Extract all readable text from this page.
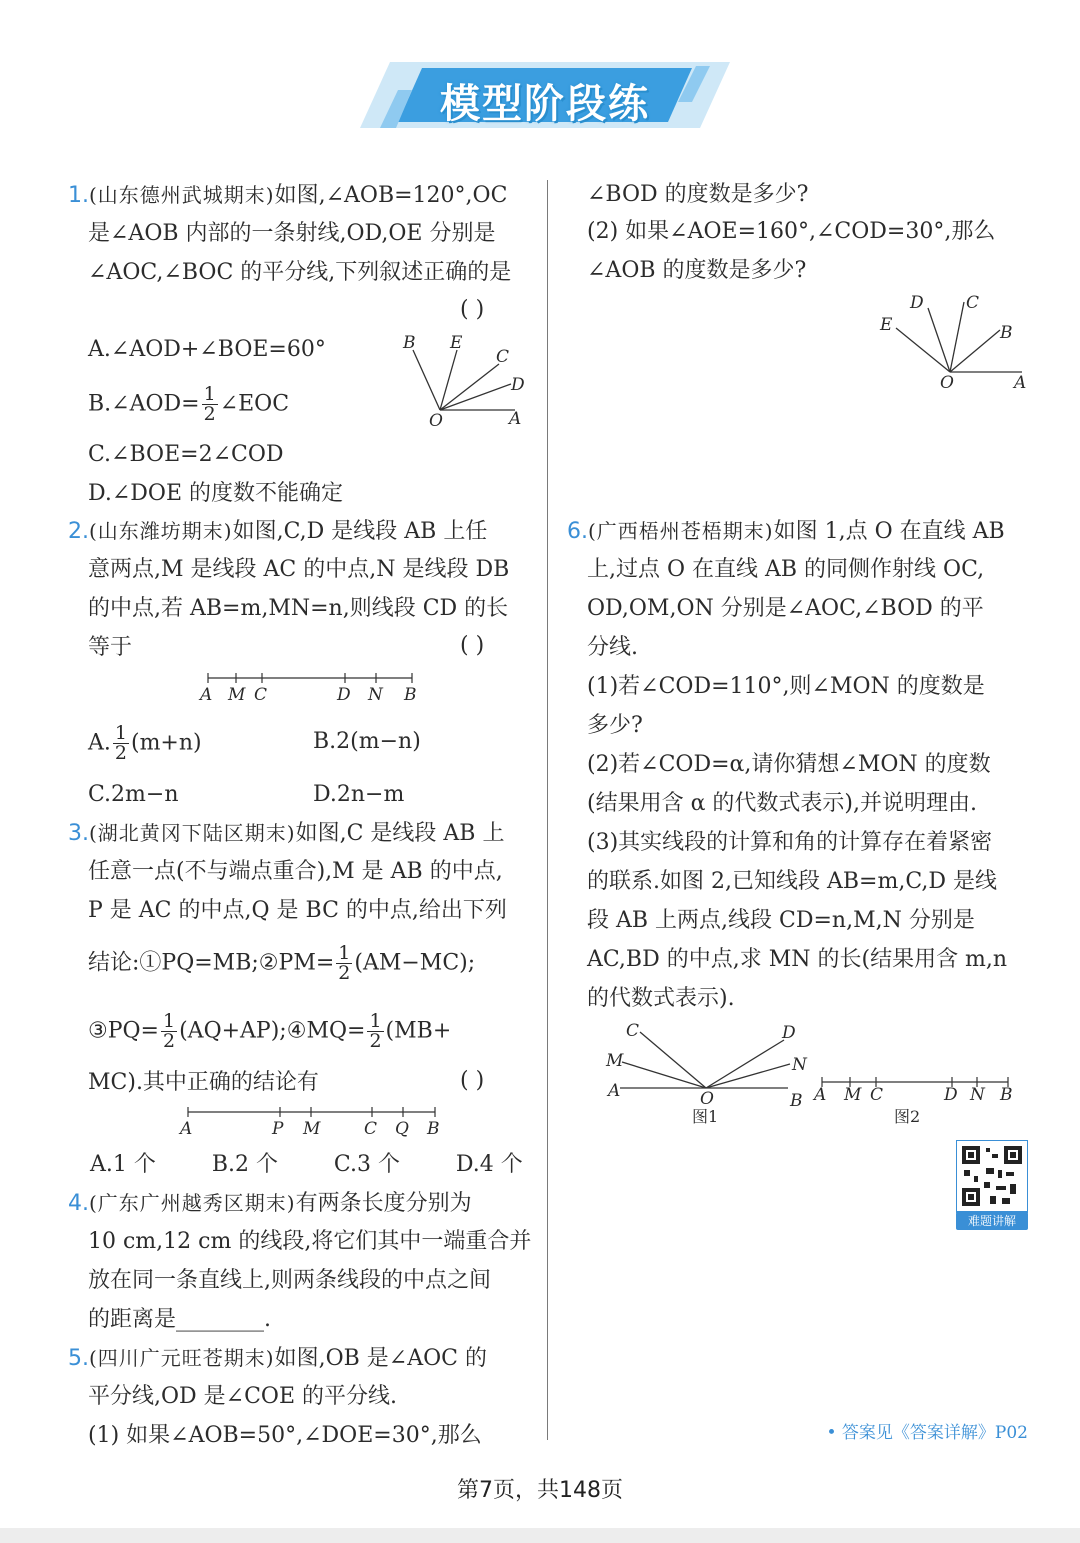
模型阶段练
1.(山东德州武城期末)如图,∠AOB=120°,OC
是∠AOB 内部的一条射线,OD,OE 分别是
∠AOC,∠BOC 的平分线,下列叙述正确的是
( )
A.∠AOD+∠BOE=60°
B.∠AOD= $\frac{1}{2}$ ∠EOC
C.∠BOE=2∠COD
D.∠DOE 的度数不能确定
B E
C
D
O	A
2.(山东潍坊期末)如图,C,D 是线段 AB 上任
意两点,M 是线段 AC 的中点,N 是线段 DB
的中点,若 AB=m,MN=n,则线段 CD 的长
等于	( )
A M C	D N B
A. $\frac{1}{2} (m+n)$	B.2(m−n)
C.2m−n	D.2n−m
3.(湖北黄冈下陆区期末)如图,C 是线段 AB 上
任意一点(不与端点重合),M 是 AB 的中点,
P 是 AC 的中点,Q 是 BC 的中点,给出下列
结论:①PQ=MB;②PM= $\frac{1}{2} (AM-MC)$;
③PQ= $\frac{1}{2}$ (AQ+AP);④MQ= $\frac{1}{2} (MB+$
MC).其中正确的结论有	( )
A	P M	C Q B
A.1 个        B.2 个        C.3 个        D.4 个
4.(广东广州越秀区期末)有两条长度分别为
10 cm,12 cm 的线段,将它们其中一端重合并
放在同一条直线上,则两条线段的中点之间
的距离是________.
5.(四川广元旺苍期末)如图,OB 是∠AOC 的
平分线,OD 是∠COE 的平分线.
(1) 如果∠AOB=50°,∠DOE=30°,那么
∠BOD 的度数是多少?
(2) 如果∠AOE=160°,∠COD=30°,那么
∠AOB 的度数是多少?
D C
E	B
O	A
6.(广西梧州苍梧期末)如图 1,点 O 在直线 AB
上,过点 O 在直线 AB 的同侧作射线 OC,
OD,OM,ON 分别是∠AOC,∠BOD 的平
分线.
(1)若∠COD=110°,则∠MON 的度数是
多少?
(2)若∠COD=α,请你猜想∠MON 的度数
(结果用含 α 的代数式表示),并说明理由.
(3)其实线段的计算和角的计算存在着紧密
的联系.如图 2,已知线段 AB=m,C,D 是线
段 AB 上两点,线段 CD=n,M,N 分别是
AC,BD 的中点,求 MN 的长(结果用含 m,n
的代数式表示).
C
M
A	O
D
N
B
图1
A M C	D N B
图2
难题讲解
• 答案见《答案详解》P02
第7页，共148页
